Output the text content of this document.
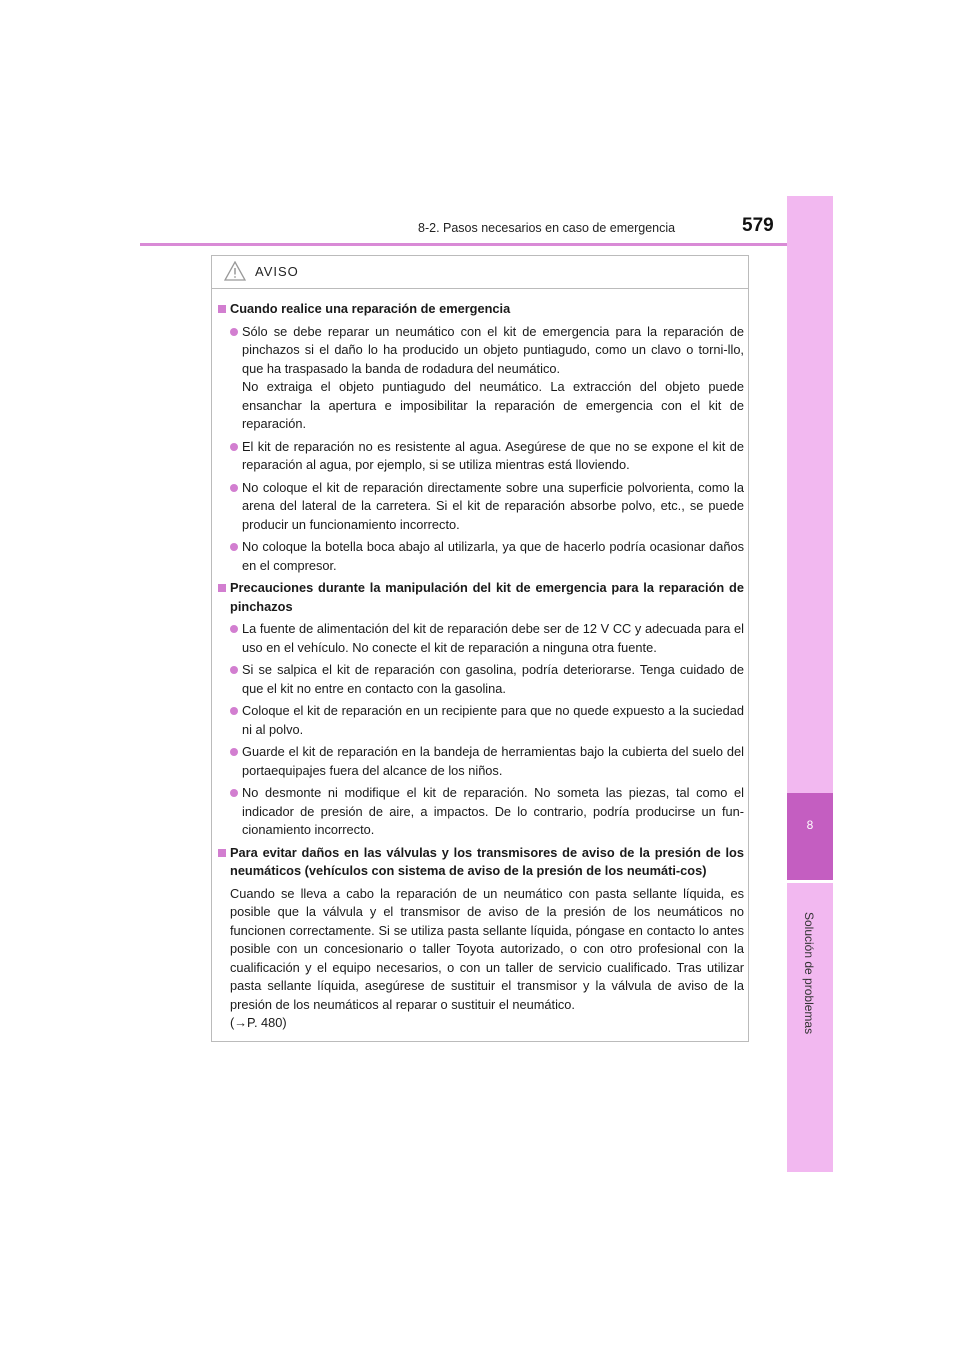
8-2. Pasos necesarios en caso de emergencia	579
8
Solución de problemas
AVISO
Cuando realice una reparación de emergencia
Sólo se debe reparar un neumático con el kit de emergencia para la reparación de pinchazos si el daño lo ha producido un objeto puntiagudo, como un clavo o torni-llo, que ha traspasado la banda de rodadura del neumático.
No extraiga el objeto puntiagudo del neumático. La extracción del objeto puede ensanchar la apertura e imposibilitar la reparación de emergencia con el kit de reparación.
El kit de reparación no es resistente al agua. Asegúrese de que no se expone el kit de reparación al agua, por ejemplo, si se utiliza mientras está lloviendo.
No coloque el kit de reparación directamente sobre una superficie polvorienta, como la arena del lateral de la carretera. Si el kit de reparación absorbe polvo, etc., se puede producir un funcionamiento incorrecto.
No coloque la botella boca abajo al utilizarla, ya que de hacerlo podría ocasionar daños en el compresor.
Precauciones durante la manipulación del kit de emergencia para la reparación de pinchazos
La fuente de alimentación del kit de reparación debe ser de 12 V CC y adecuada para el uso en el vehículo. No conecte el kit de reparación a ninguna otra fuente.
Si se salpica el kit de reparación con gasolina, podría deteriorarse. Tenga cuidado de que el kit no entre en contacto con la gasolina.
Coloque el kit de reparación en un recipiente para que no quede expuesto a la suciedad ni al polvo.
Guarde el kit de reparación en la bandeja de herramientas bajo la cubierta del suelo del portaequipajes fuera del alcance de los niños.
No desmonte ni modifique el kit de reparación. No someta las piezas, tal como el indicador de presión de aire, a impactos. De lo contrario, podría producirse un fun-cionamiento incorrecto.
Para evitar daños en las válvulas y los transmisores de aviso de la presión de los neumáticos (vehículos con sistema de aviso de la presión de los neumáti-cos)
Cuando se lleva a cabo la reparación de un neumático con pasta sellante líquida, es posible que la válvula y el transmisor de aviso de la presión de los neumáticos no funcionen correctamente. Si se utiliza pasta sellante líquida, póngase en contacto lo antes posible con un concesionario o taller Toyota autorizado, o con otro profesional con la cualificación y el equipo necesarios, o con un taller de servicio cualificado. Tras utilizar pasta sellante líquida, asegúrese de sustituir el transmisor y la válvula de aviso de la presión de los neumáticos al reparar o sustituir el neumático.
(→P. 480)
